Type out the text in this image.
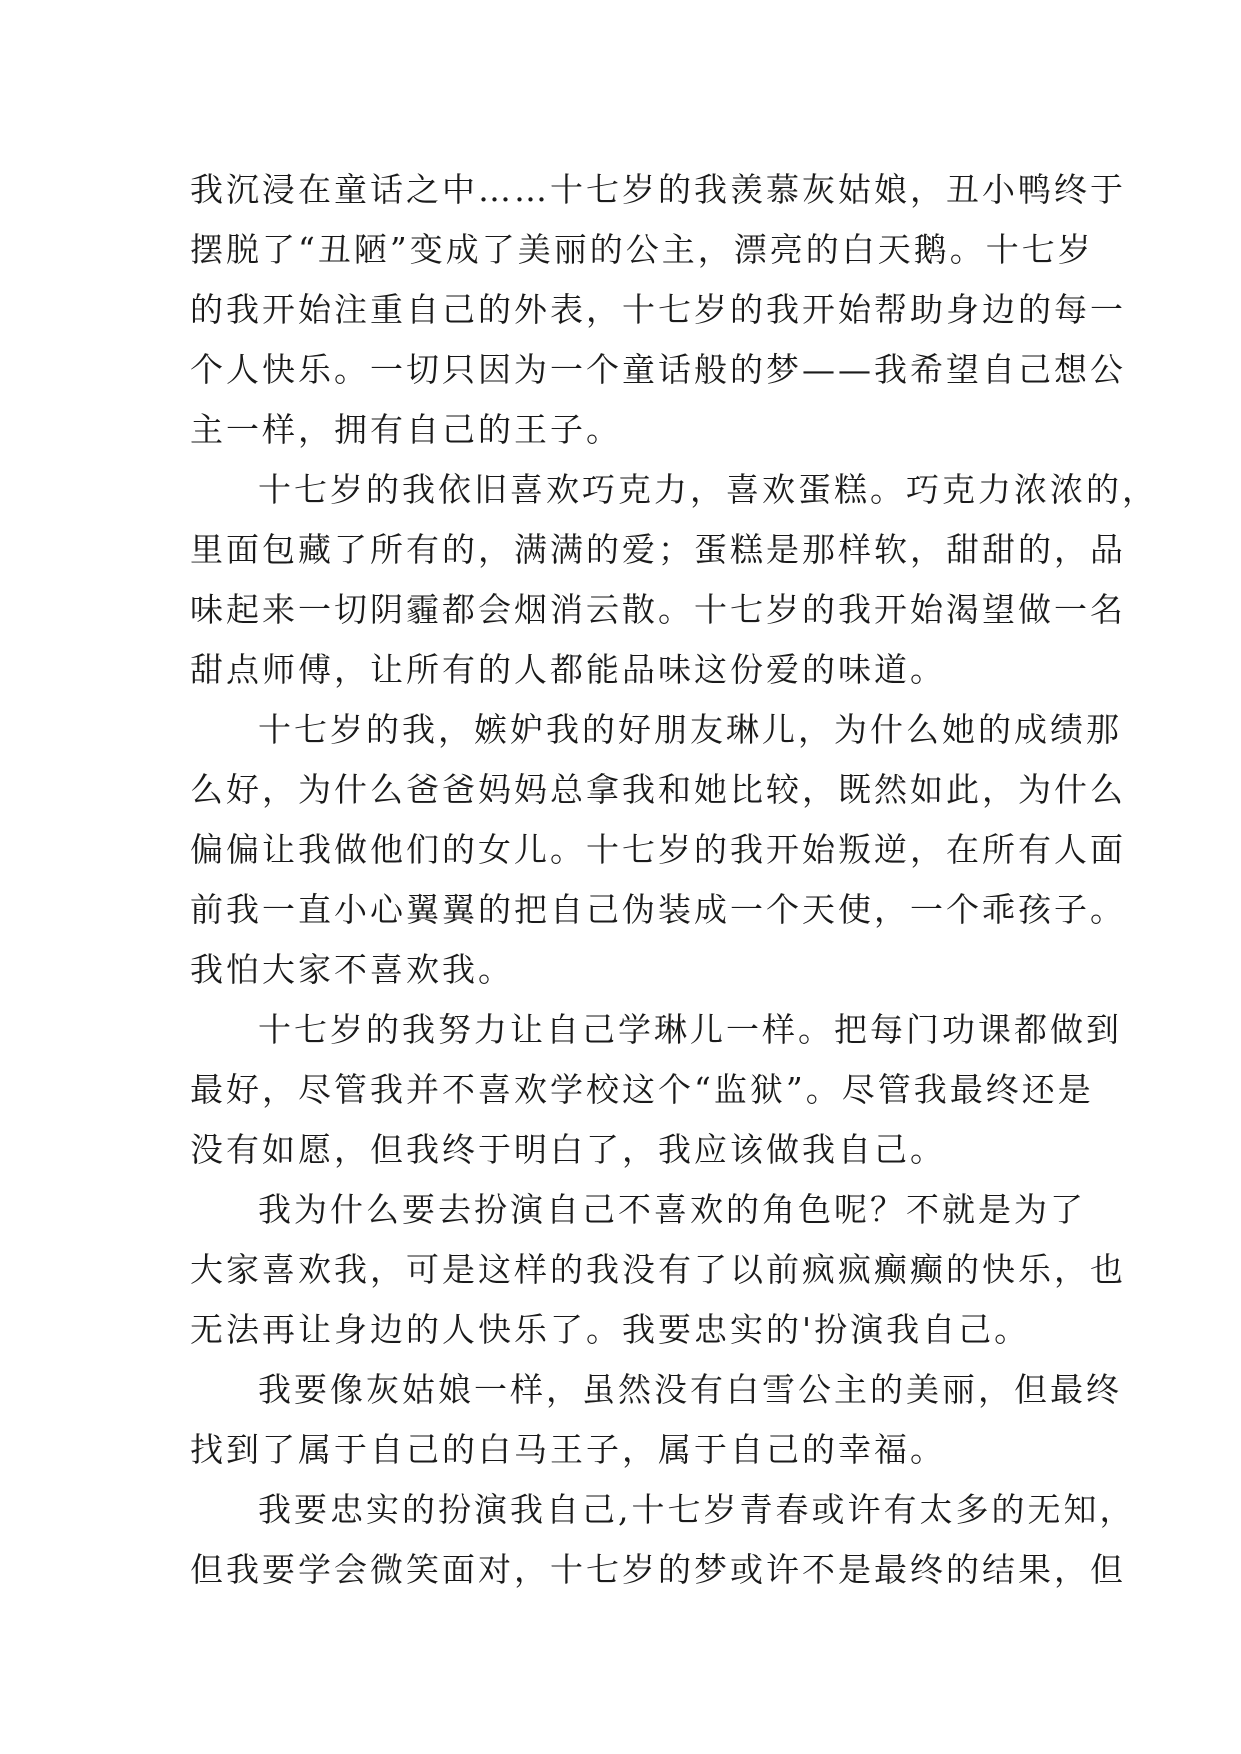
我沉浸在童话之中……十七岁的我羡慕灰姑娘，丑小鸭终于
摆脱了“丑陋”变成了美丽的公主，漂亮的白天鹅。十七岁
的我开始注重自己的外表，十七岁的我开始帮助身边的每一
个人快乐。一切只因为一个童话般的梦——我希望自己想公
主一样，拥有自己的王子。
十七岁的我依旧喜欢巧克力，喜欢蛋糕。巧克力浓浓的，
里面包藏了所有的，满满的爱；蛋糕是那样软，甜甜的，品
味起来一切阴霾都会烟消云散。十七岁的我开始渴望做一名
甜点师傅，让所有的人都能品味这份爱的味道。
十七岁的我，嫉妒我的好朋友琳儿，为什么她的成绩那
么好，为什么爸爸妈妈总拿我和她比较，既然如此，为什么
偏偏让我做他们的女儿。十七岁的我开始叛逆，在所有人面
前我一直小心翼翼的把自己伪装成一个天使，一个乖孩子。
我怕大家不喜欢我。
十七岁的我努力让自己学琳儿一样。把每门功课都做到
最好，尽管我并不喜欢学校这个“监狱”。尽管我最终还是
没有如愿，但我终于明白了，我应该做我自己。
我为什么要去扮演自己不喜欢的角色呢？不就是为了
大家喜欢我，可是这样的我没有了以前疯疯癫癫的快乐，也
无法再让身边的人快乐了。我要忠实的'扮演我自己。
我要像灰姑娘一样，虽然没有白雪公主的美丽，但最终
找到了属于自己的白马王子，属于自己的幸福。
我要忠实的扮演我自己,十七岁青春或许有太多的无知，
但我要学会微笑面对，十七岁的梦或许不是最终的结果，但
